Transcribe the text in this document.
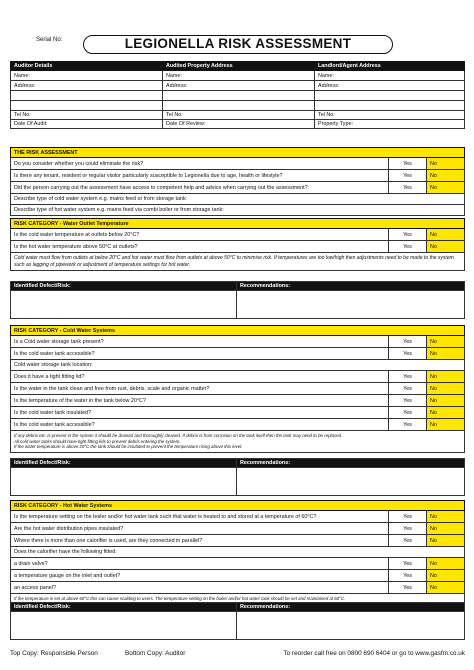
Serial No:	LEGIONELLA RISK ASSESSMENT
Auditor Details	Audited Property Address	Landlord/Agent Address
Name:	Name:	Name:
Address:	Address:	Address:

Tel No:	Tel No:	Tel No:
Date Of Audit:	Date Of Review:	Property Type:
THE RISK ASSESSMENT		
Do you consider whether you could eliminate the risk?	Yes	No
Is there any tenant, resident or regular visitor particularly susceptible to Legionella due to age, health or lifestyle?	Yes	No
Did the person carrying out the assessment have access to competent help and advice when carrying out the assessment?	Yes	No
Describe type of cold water system e.g. mains feed or from storage tank:		
Describe type of hot water system e.g. mains feed via combi boiler or from storage tank:		
RISK CATEGORY - Water Outlet Temperature		
Is the cold water temperature at outlets below 20°C?	Yes	No
Is the hot water temperature above 50°C at outlets?	Yes	No
Cold water must flow from outlets at below 20°C and hot water must flow from outlets at above 50°C to minimise risk. If temperatures are too low/high then adjustments need to be made to the system such as lagging of pipework or adjustment of temperature settings for hot water.		
Identified Defect/Risk:	Recommendations:

RISK CATEGORY - Cold Water Systems		
Is a Cold water storage tank present?	Yes	No
Is the cold water tank accessible?	Yes	No
Cold water storage tank location:		
Does it have a tight fitting lid?	Yes	No
Is the water in the tank clean and free from rust, debris, scale and organic matter?	Yes	No
Is the temperature of the water in the tank below 20°C?	Yes	No
Is the cold water tank insulated?	Yes	No
Is the cold water tank accessible?	Yes	No

If any debris etc. is present in the system it should be drained and thoroughly cleaned. If debris is from corrosion on the tank itself then the tank may need to be replaced.
All cold water tanks should have tight fitting lids to prevent debris entering the system.
If the water temperature is above 20°C the tank should be insulated to prevent the temperature rising above this level.		
Identified Defect/Risk:	Recommendations:

RISK CATEGORY - Hot Water Systems		
Is the temperature setting on the boiler and/or hot water tank such that water is heated to and stored at a temperature of 60°C?	Yes	No
Are the hot water distribution pipes insulated?	Yes	No
Where there is more than one calorifier is used, are they connected in parallel?	Yes	No
Does the calorifier have the following fitted:		
a drain valve?	Yes	No
a temperature gauge on the inlet and outlet?	Yes	No
an access panel?	Yes	No
If the temperature is set at above 60°C this can cause scalding to users. The temperature setting on the boiler and/or hot water tank should be set and maintained at 60°C.		
Identified Defect/Risk:	Recommendations:

Top Copy: Responsible Person	Bottom Copy: Auditor	To reorder call free on 0800 690 6404 or go to www.gasfm.co.uk
